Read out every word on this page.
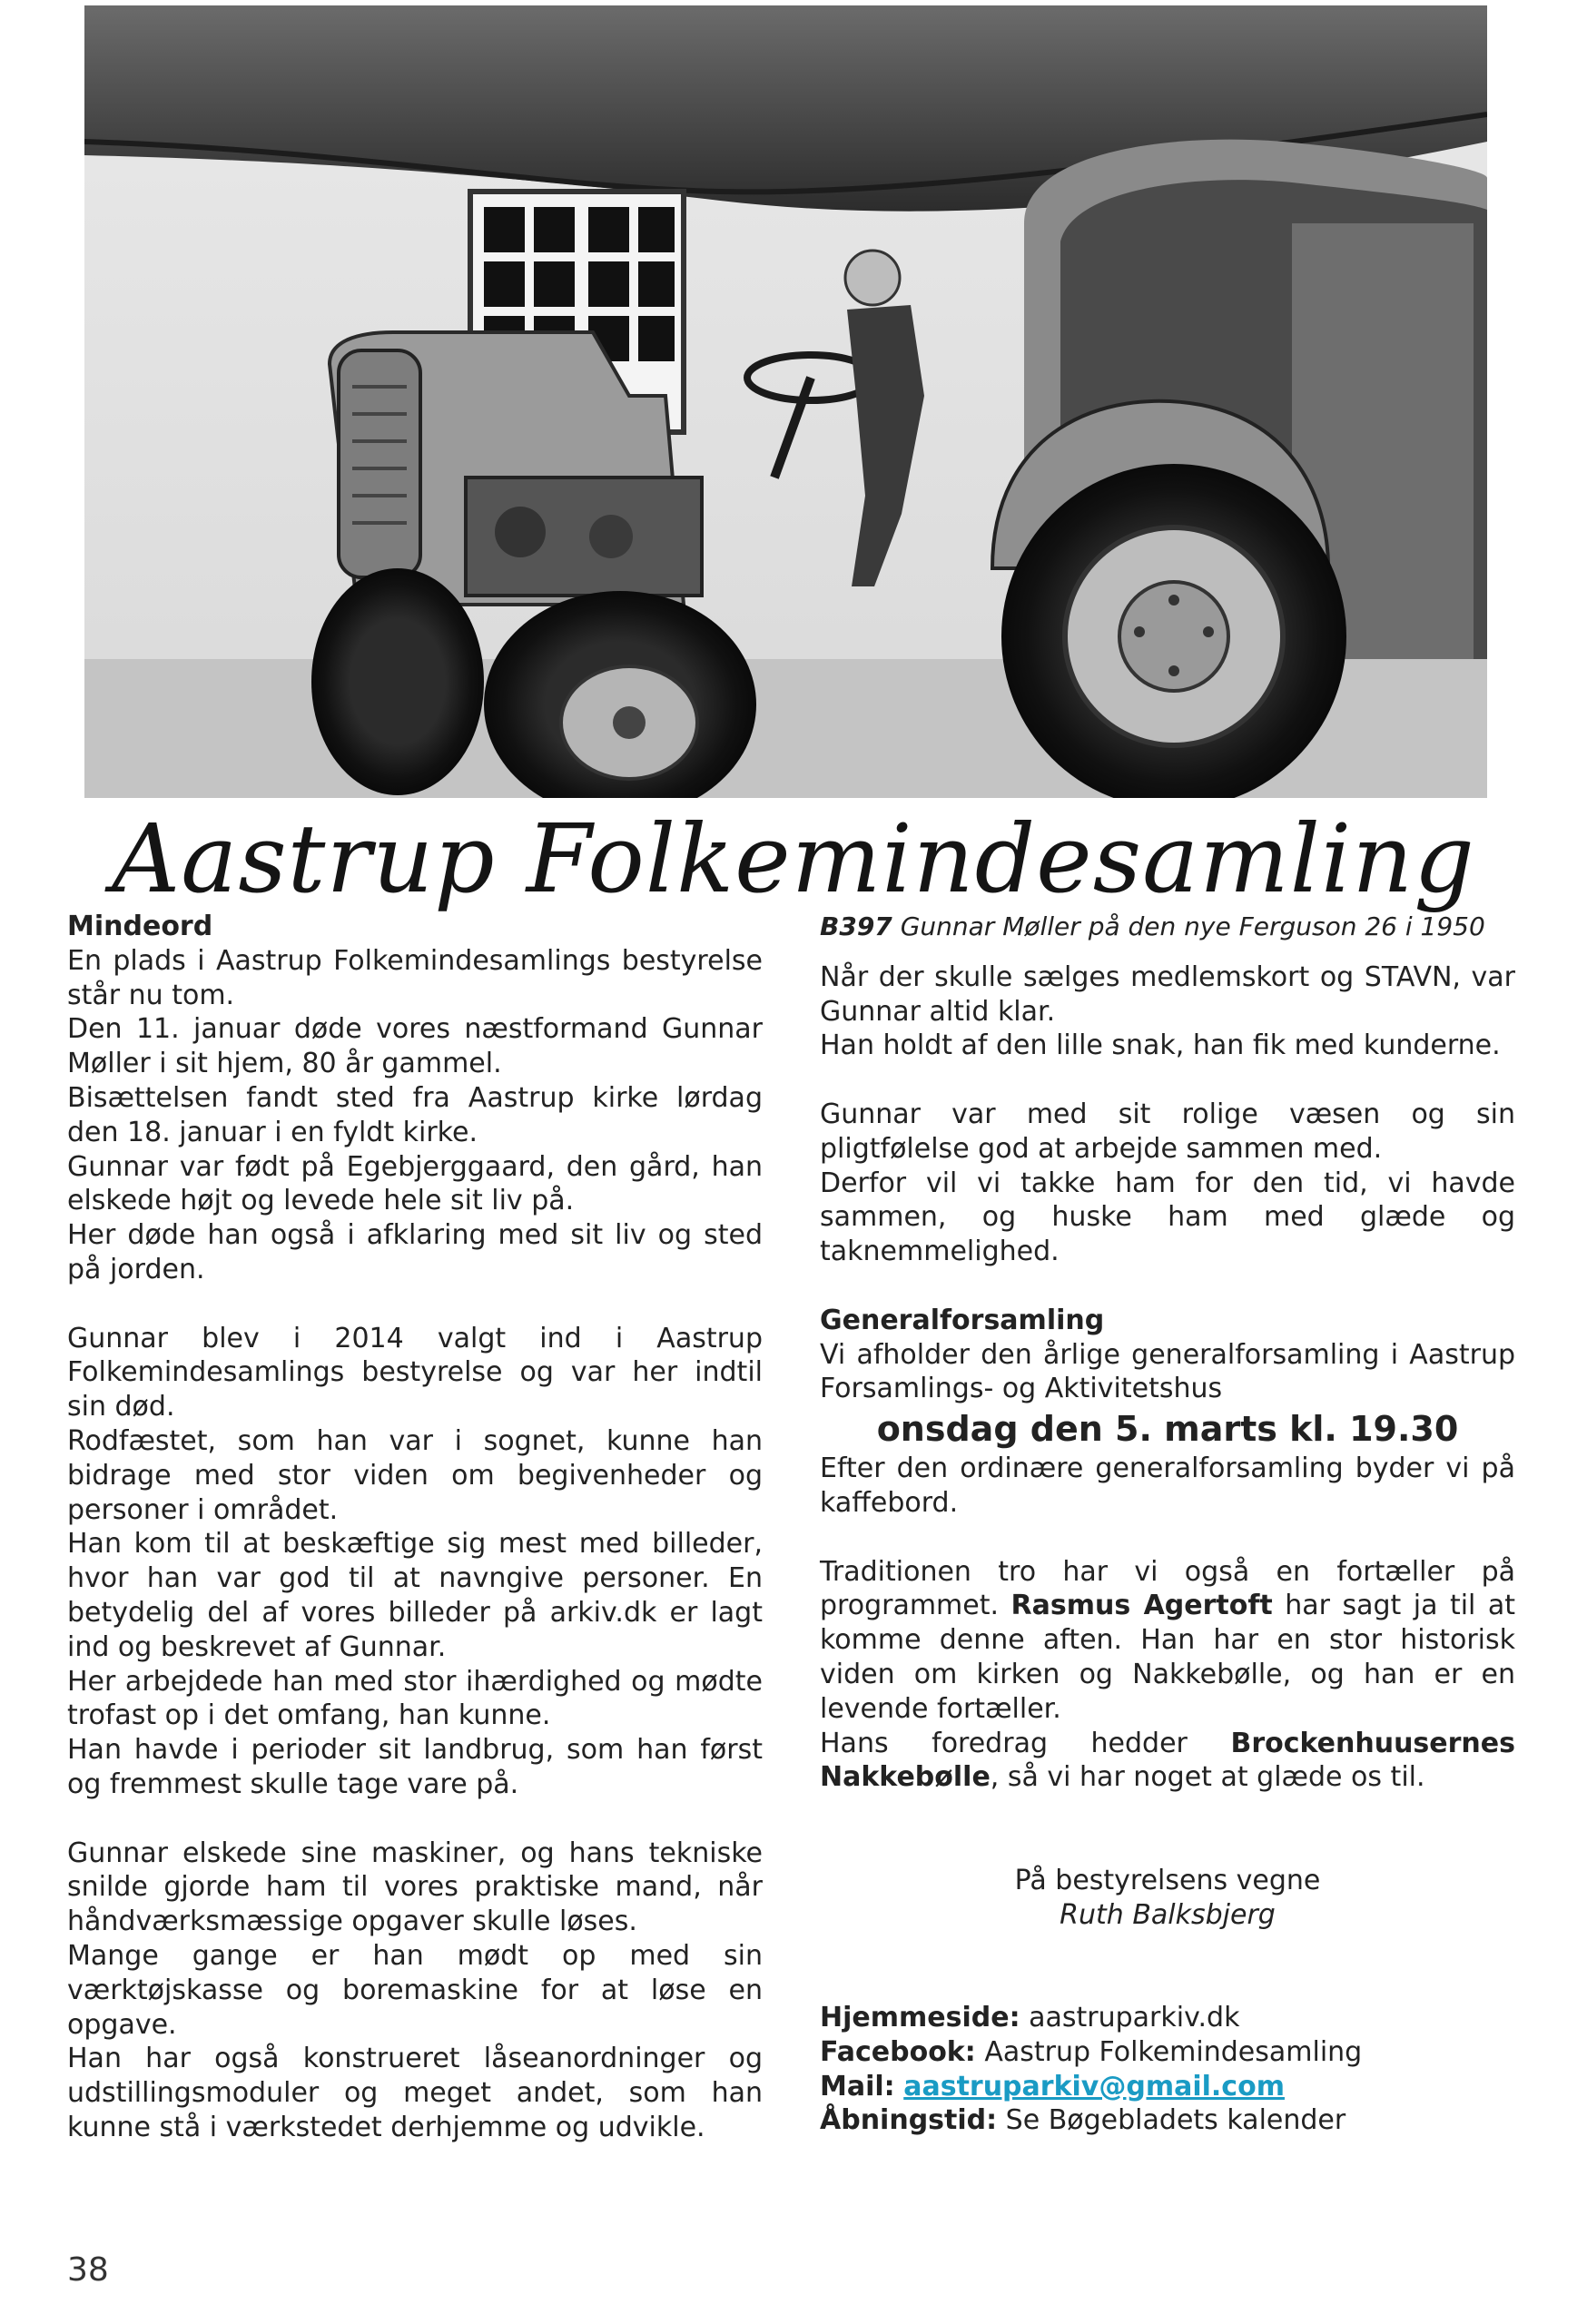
Aastrup Folkemindesamling

Mindeord

En plads i Aastrup Folkemindesamlings bestyrelse står nu tom.

Den 11. januar døde vores næstformand Gunnar Møller i sit hjem, 80 år gammel.

Bisættelsen fandt sted fra Aastrup kirke lørdag den 18. januar i en fyldt kirke.

Gunnar var født på Egebjerggaard, den gård, han elskede højt og levede hele sit liv på.

Her døde han også i afklaring med sit liv og sted på jorden.

Gunnar blev i 2014 valgt ind i Aastrup Folkemindesamlings bestyrelse og var her indtil sin død.

Rodfæstet, som han var i sognet, kunne han bidrage med stor viden om begivenheder og personer i området.

Han kom til at beskæftige sig mest med billeder, hvor han var god til at navngive personer. En betydelig del af vores billeder på arkiv.dk er lagt ind og beskrevet af Gunnar.

Her arbejdede han med stor ihærdighed og mødte trofast op i det omfang, han kunne.

Han havde i perioder sit landbrug, som han først og fremmest skulle tage vare på.

Gunnar elskede sine maskiner, og hans tekniske snilde gjorde ham til vores praktiske mand, når håndværksmæssige opgaver skulle løses.

Mange gange er han mødt op med sin værktøjskasse og boremaskine for at løse en opgave.

Han har også konstrueret låseanordninger og udstillingsmoduler og meget andet, som han kunne stå i værkstedet derhjemme og udvikle.

B397 Gunnar Møller på den nye Ferguson 26 i 1950

Når der skulle sælges medlemskort og STAVN, var Gunnar altid klar.

Han holdt af den lille snak, han fik med kunderne.

Gunnar var med sit rolige væsen og sin pligtfølelse god at arbejde sammen med.

Derfor vil vi takke ham for den tid, vi havde sammen, og huske ham med glæde og taknemmelighed.

Generalforsamling

Vi afholder den årlige generalforsamling i Aastrup Forsamlings- og Aktivitetshus

onsdag den 5. marts kl. 19.30

Efter den ordinære generalforsamling byder vi på kaffebord.

Traditionen tro har vi også en fortæller på programmet. Rasmus Agertoft har sagt ja til at komme denne aften. Han har en stor historisk viden om kirken og Nakkebølle, og han er en levende fortæller.

Hans foredrag hedder Brockenhuusernes Nakkebølle, så vi har noget at glæde os til.

På bestyrelsens vegne

Ruth Balksbjerg

Hjemmeside: aastruparkiv.dk

Facebook: Aastrup Folkemindesamling

Mail: aastruparkiv@gmail.com

Åbningstid: Se Bøgebladets kalender

38
